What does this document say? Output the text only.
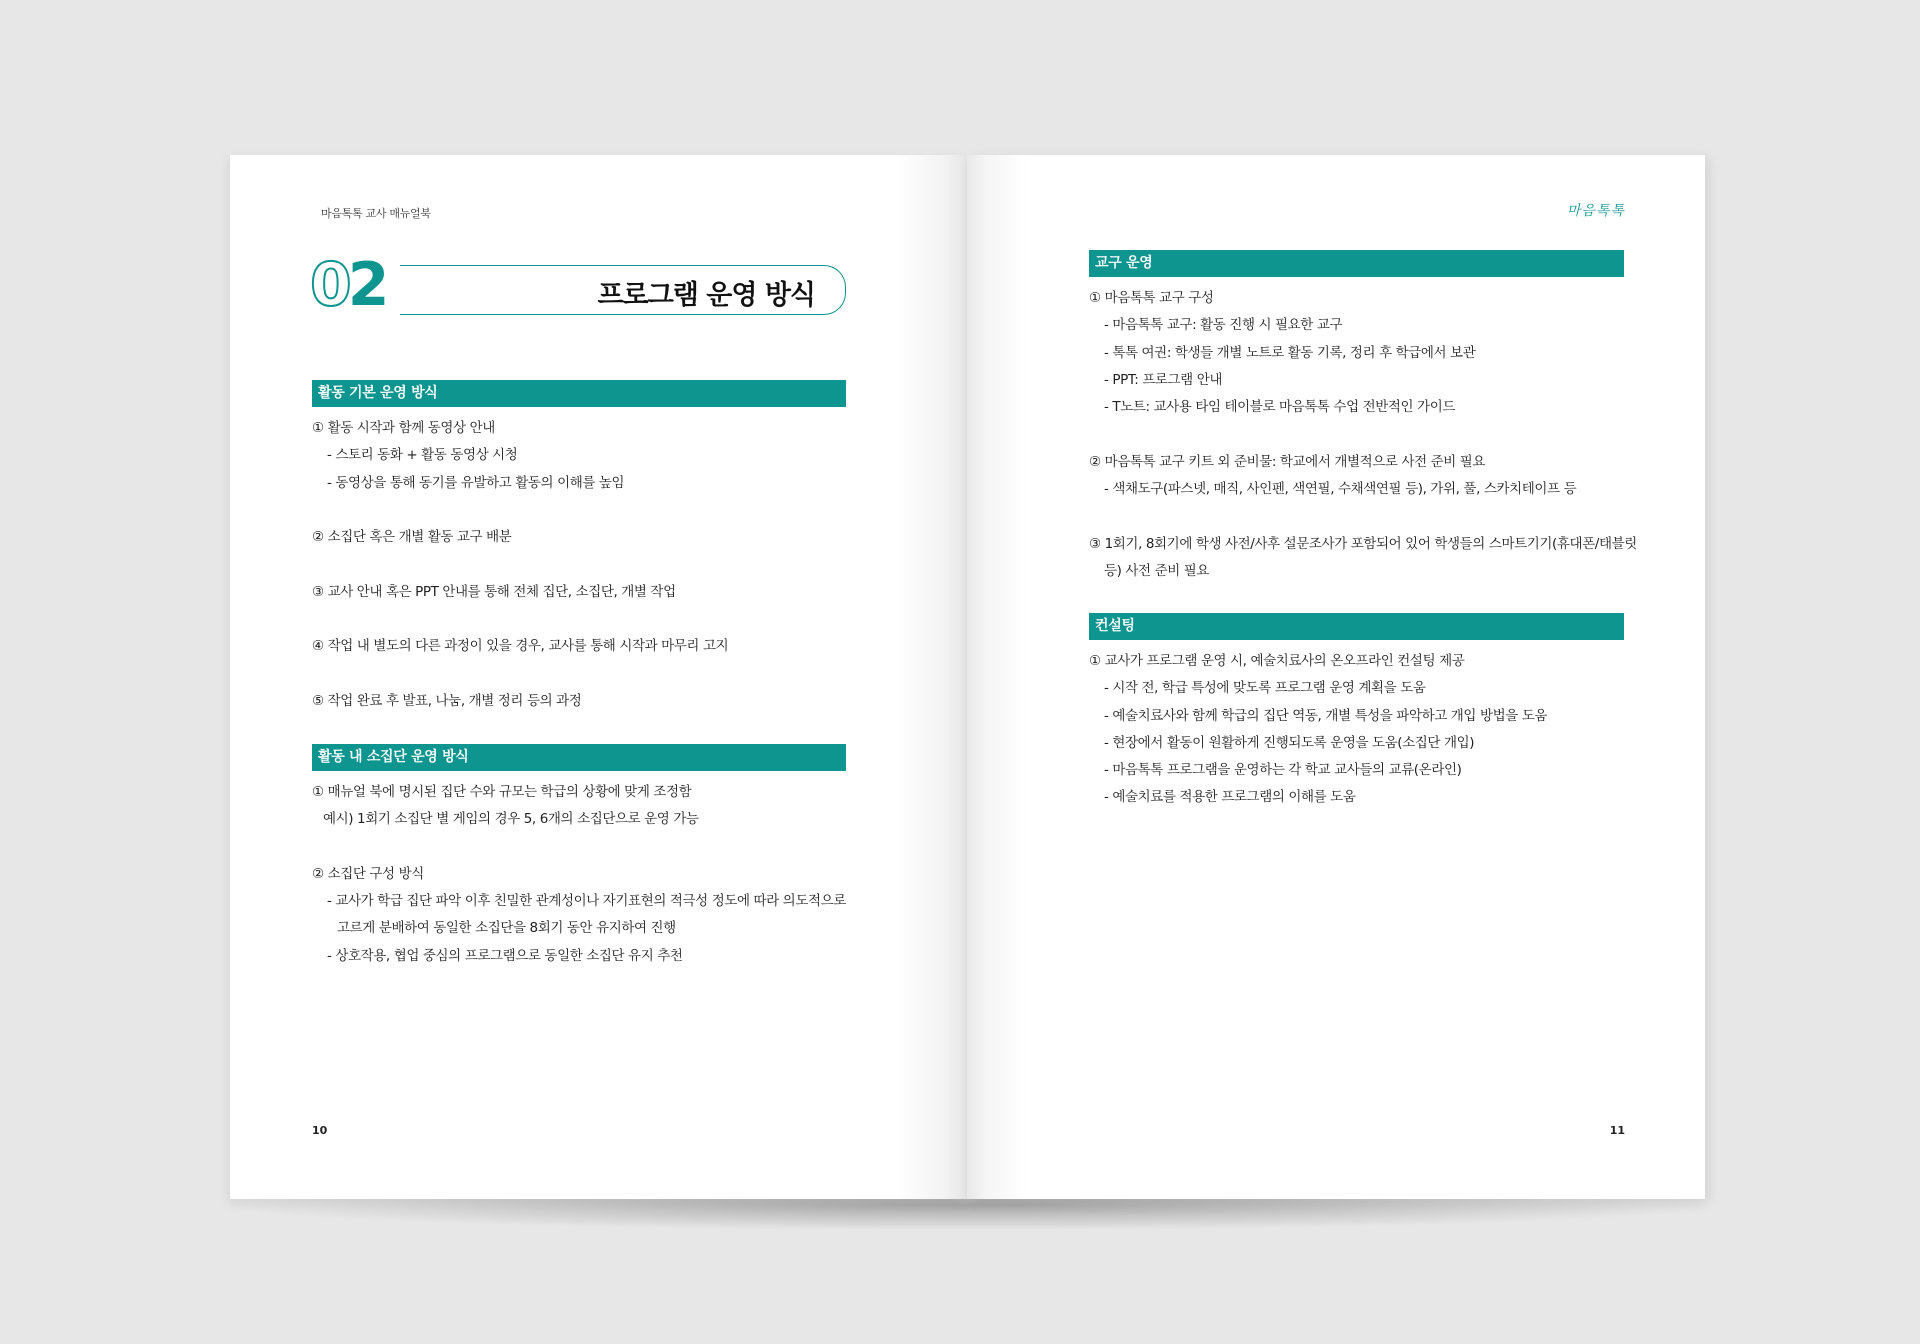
마음톡톡 교사 매뉴얼북
프로그램 운영 방식
02
활동 기본 운영 방식
① 활동 시작과 함께 동영상 안내
- 스토리 동화 + 활동 동영상 시청
- 동영상을 통해 동기를 유발하고 활동의 이해를 높임
② 소집단 혹은 개별 활동 교구 배분
③ 교사 안내 혹은 PPT 안내를 통해 전체 집단, 소집단, 개별 작업
④ 작업 내 별도의 다른 과정이 있을 경우, 교사를 통해 시작과 마무리 고지
⑤ 작업 완료 후 발표, 나눔, 개별 정리 등의 과정
활동 내 소집단 운영 방식
① 매뉴얼 북에 명시된 집단 수와 규모는 학급의 상황에 맞게 조정함
예시) 1회기 소집단 별 게임의 경우 5, 6개의 소집단으로 운영 가능
② 소집단 구성 방식
- 교사가 학급 집단 파악 이후 친밀한 관계성이나 자기표현의 적극성 정도에 따라 의도적으로
고르게 분배하여 동일한 소집단을 8회기 동안 유지하여 진행
- 상호작용, 협업 중심의 프로그램으로 동일한 소집단 유지 추천
10
마음톡톡
교구 운영
① 마음톡톡 교구 구성
- 마음톡톡 교구: 활동 진행 시 필요한 교구
- 톡톡 여권: 학생들 개별 노트로 활동 기록, 정리 후 학급에서 보관
- PPT: 프로그램 안내
- T노트: 교사용 타임 테이블로 마음톡톡 수업 전반적인 가이드
② 마음톡톡 교구 키트 외 준비물: 학교에서 개별적으로 사전 준비 필요
- 색채도구(파스넷, 매직, 사인펜, 색연필, 수채색연필 등), 가위, 풀, 스카치테이프 등
③ 1회기, 8회기에 학생 사전/사후 설문조사가 포함되어 있어 학생들의 스마트기기(휴대폰/태블릿
등) 사전 준비 필요
컨설팅
① 교사가 프로그램 운영 시, 예술치료사의 온오프라인 컨설팅 제공
- 시작 전, 학급 특성에 맞도록 프로그램 운영 계획을 도움
- 예술치료사와 함께 학급의 집단 역동, 개별 특성을 파악하고 개입 방법을 도움
- 현장에서 활동이 원활하게 진행되도록 운영을 도움(소집단 개입)
- 마음톡톡 프로그램을 운영하는 각 학교 교사들의 교류(온라인)
- 예술치료를 적용한 프로그램의 이해를 도움
11
